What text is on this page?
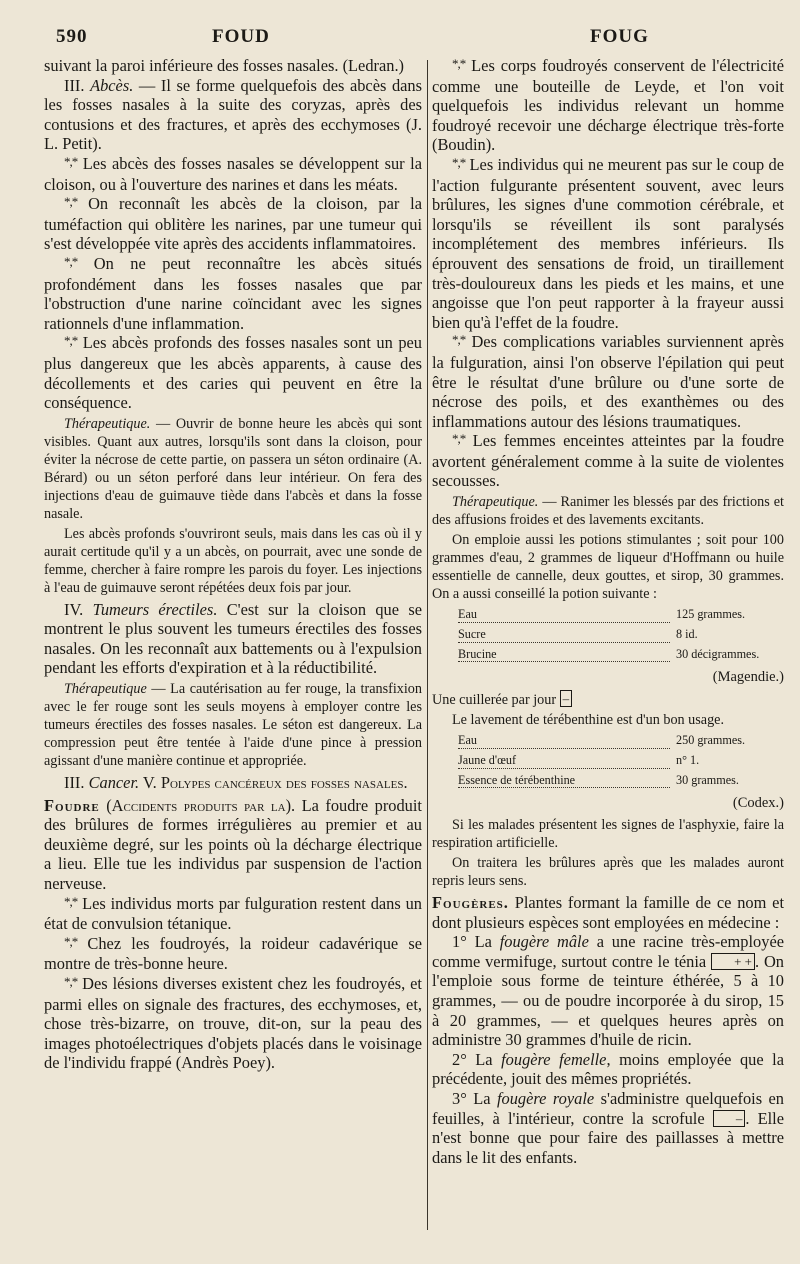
590	FOUD	FOUG

suivant la paroi inférieure des fosses nasales. (Ledran.)

III. Abcès. — Il se forme quelquefois des abcès dans les fosses nasales à la suite des coryzas, après des contusions et des fractures, et après des ecchymoses (J. L. Petit).

*,* Les abcès des fosses nasales se développent sur la cloison, ou à l'ouverture des narines et dans les méats.

*,* On reconnaît les abcès de la cloison, par la tuméfaction qui oblitère les narines, par une tumeur qui s'est développée vite après des accidents inflammatoires.

*,* On ne peut reconnaître les abcès situés profondément dans les fosses nasales que par l'obstruction d'une narine coïncidant avec les signes rationnels d'une inflammation.

*,* Les abcès profonds des fosses nasales sont un peu plus dangereux que les abcès apparents, à cause des décollements et des caries qui peuvent en être la conséquence.

Thérapeutique. — Ouvrir de bonne heure les abcès qui sont visibles. Quant aux autres, lorsqu'ils sont dans la cloison, pour éviter la nécrose de cette partie, on passera un séton ordinaire (A. Bérard) ou un séton perforé dans leur intérieur. On fera des injections d'eau de guimauve tiède dans l'abcès et dans la fosse nasale.

Les abcès profonds s'ouvriront seuls, mais dans les cas où il y aurait certitude qu'il y a un abcès, on pourrait, avec une sonde de femme, chercher à faire rompre les parois du foyer. Les injections à l'eau de guimauve seront répétées deux fois par jour.

IV. Tumeurs érectiles. C'est sur la cloison que se montrent le plus souvent les tumeurs érectiles des fosses nasales. On les reconnaît aux battements ou à l'expulsion pendant les efforts d'expiration et à la réductibilité.

Thérapeutique — La cautérisation au fer rouge, la transfixion avec le fer rouge sont les seuls moyens à employer contre les tumeurs érectiles des fosses nasales. Le séton est dangereux. La compression peut être tentée à l'aide d'une pince à pression agissant d'une manière continue et appropriée.

III. Cancer. V. Polypes cancéreux des fosses nasales.

Foudre (Accidents produits par la). La foudre produit des brûlures de formes irrégulières au premier et au deuxième degré, sur les points où la décharge électrique a lieu. Elle tue les individus par suspension de l'action nerveuse.

*,* Les individus morts par fulguration restent dans un état de convulsion tétanique.

*,* Chez les foudroyés, la roideur cadavérique se montre de très-bonne heure.

*,* Des lésions diverses existent chez les foudroyés, et parmi elles on signale des fractures, des ecchymoses, et, chose très-bizarre, on trouve, dit-on, sur la peau des images photoélectriques d'objets placés dans le voisinage de l'individu frappé (Andrès Poey).

*,* Les corps foudroyés conservent de l'électricité comme une bouteille de Leyde, et l'on voit quelquefois les individus relevant un homme foudroyé recevoir une décharge électrique très-forte (Boudin).

*,* Les individus qui ne meurent pas sur le coup de l'action fulgurante présentent souvent, avec leurs brûlures, les signes d'une commotion cérébrale, et lorsqu'ils se réveillent ils sont paralysés incomplétement des membres inférieurs. Ils éprouvent des sensations de froid, un tiraillement très-douloureux dans les pieds et les mains, et une angoisse que l'on peut rapporter à la frayeur aussi bien qu'à l'effet de la foudre.

*,* Des complications variables surviennent après la fulguration, ainsi l'on observe l'épilation qui peut être le résultat d'une brûlure ou d'une sorte de nécrose des poils, et des exanthèmes ou des inflammations autour des lésions traumatiques.

*,* Les femmes enceintes atteintes par la foudre avortent généralement comme à la suite de violentes secousses.

Thérapeutique. — Ranimer les blessés par des frictions et des affusions froides et des lavements excitants.

On emploie aussi les potions stimulantes ; soit pour 100 grammes d'eau, 2 grammes de liqueur d'Hoffmann ou huile essentielle de cannelle, deux gouttes, et sirop, 30 grammes. On a aussi conseillé la potion suivante :

Eau	125 grammes.
Sucre	8 id.
Brucine	30 décigrammes.

(Magendie.)

Une cuillerée par jour –

Le lavement de térébenthine est d'un bon usage.

Eau	250 grammes.
Jaune d'œuf	n° 1.
Essence de térébenthine	30 grammes.

(Codex.)

Si les malades présentent les signes de l'asphyxie, faire la respiration artificielle.

On traitera les brûlures après que les malades auront repris leurs sens.

Fougères. Plantes formant la famille de ce nom et dont plusieurs espèces sont employées en médecine :

1° La fougère mâle a une racine très-employée comme vermifuge, surtout contre le ténia + + . On l'emploie sous forme de teinture éthérée, 5 à 10 grammes, — ou de poudre incorporée à du sirop, 15 à 20 grammes, — et quelques heures après on administre 30 grammes d'huile de ricin.

2° La fougère femelle, moins employée que la précédente, jouit des mêmes propriétés.

3° La fougère royale s'administre quelquefois en feuilles, à l'intérieur, contre la scrofule – . Elle n'est bonne que pour faire des paillasses à mettre dans le lit des enfants.
